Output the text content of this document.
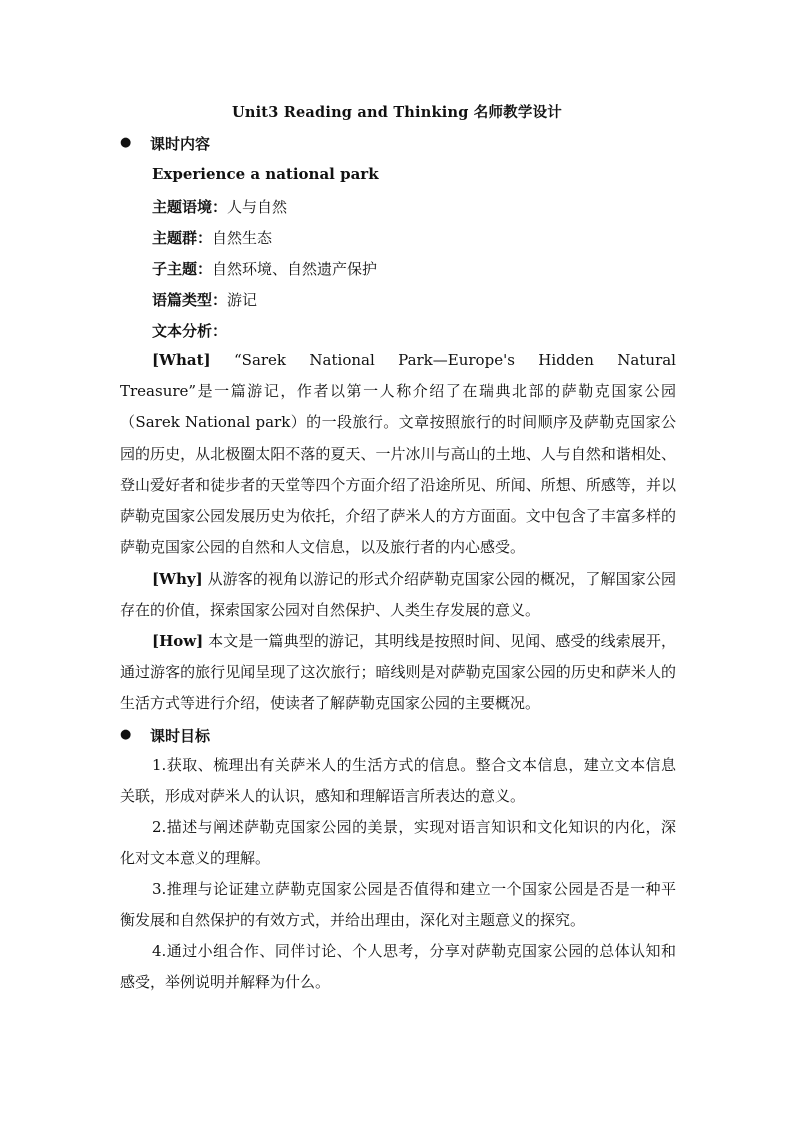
Unit3 Reading and Thinking 名师教学设计
● 课时内容
Experience a national park
主题语境：人与自然
主题群：自然生态
子主题：自然环境、自然遗产保护
语篇类型：游记
文本分析：
[What] “Sarek National Park—Europe's Hidden Natural Treasure”是一篇游记，作者以第一人称介绍了在瑞典北部的萨勒克国家公园（Sarek National park）的一段旅行。文章按照旅行的时间顺序及萨勒克国家公园的历史，从北极圈太阳不落的夏天、一片冰川与高山的土地、人与自然和谐相处、登山爱好者和徒步者的天堂等四个方面介绍了沿途所见、所闻、所想、所感等，并以萨勒克国家公园发展历史为依托，介绍了萨米人的方方面面。文中包含了丰富多样的萨勒克国家公园的自然和人文信息，以及旅行者的内心感受。
[Why] 从游客的视角以游记的形式介绍萨勒克国家公园的概况，了解国家公园存在的价值，探索国家公园对自然保护、人类生存发展的意义。
[How] 本文是一篇典型的游记，其明线是按照时间、见闻、感受的线索展开，通过游客的旅行见闻呈现了这次旅行；暗线则是对萨勒克国家公园的历史和萨米人的生活方式等进行介绍，使读者了解萨勒克国家公园的主要概况。
● 课时目标
1.获取、梳理出有关萨米人的生活方式的信息。整合文本信息，建立文本信息关联，形成对萨米人的认识，感知和理解语言所表达的意义。
2.描述与阐述萨勒克国家公园的美景，实现对语言知识和文化知识的内化，深化对文本意义的理解。
3.推理与论证建立萨勒克国家公园是否值得和建立一个国家公园是否是一种平衡发展和自然保护的有效方式，并给出理由，深化对主题意义的探究。
4.通过小组合作、同伴讨论、个人思考，分享对萨勒克国家公园的总体认知和感受，举例说明并解释为什么。
